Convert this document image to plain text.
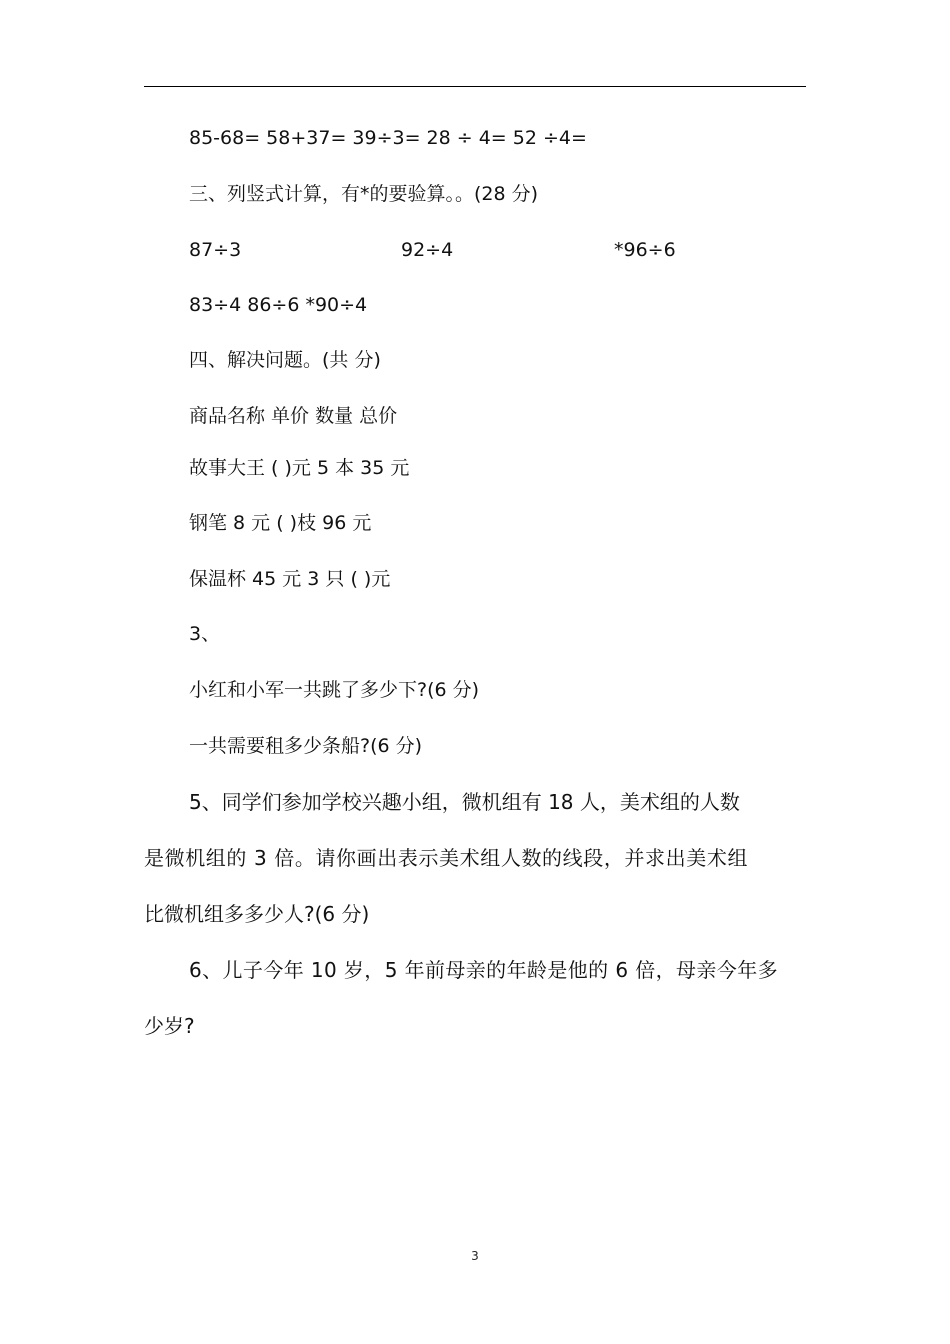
85-68= 58+37= 39÷3= 28 ÷ 4= 52 ÷4=
三、列竖式计算，有*的要验算。。(28 分)
87÷3	92÷4	*96÷6
83÷4 86÷6 *90÷4
四、解决问题。(共 分)
商品名称 单价 数量 总价
故事大王 ( )元 5 本 35 元
钢笔 8 元 ( )枝 96 元
保温杯 45 元 3 只 ( )元
3、
小红和小军一共跳了多少下?(6 分)
一共需要租多少条船?(6 分)
5、同学们参加学校兴趣小组，微机组有 18 人，美术组的人数
是微机组的 3 倍。请你画出表示美术组人数的线段，并求出美术组
比微机组多多少人?(6 分)
6、儿子今年 10 岁，5 年前母亲的年龄是他的 6 倍，母亲今年多
少岁?
3
